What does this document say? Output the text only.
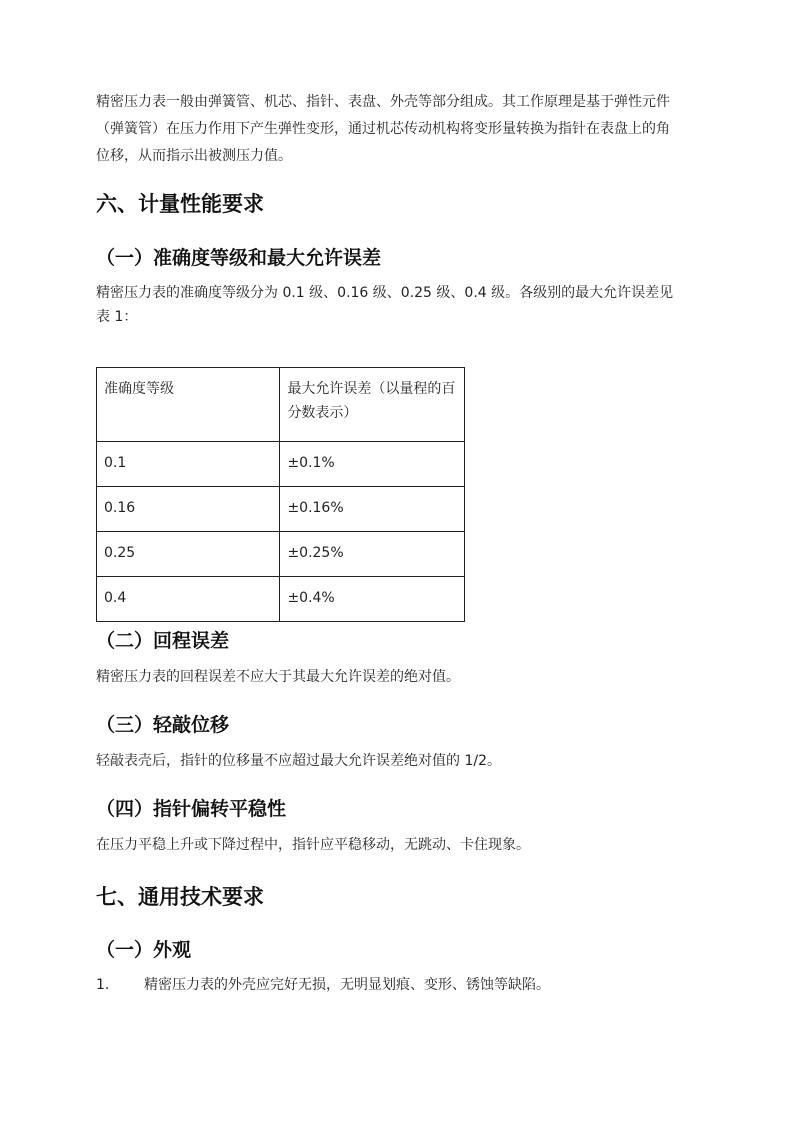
精密压力表一般由弹簧管、机芯、指针、表盘、外壳等部分组成。其工作原理是基于弹性元件

（弹簧管）在压力作用下产生弹性变形，通过机芯传动机构将变形量转换为指针在表盘上的角

位移，从而指示出被测压力值。

六、计量性能要求
（一）准确度等级和最大允许误差

精密压力表的准确度等级分为 0.1 级、0.16 级、0.25 级、0.4 级。各级别的最大允许误差见

表 1：

准确度等级	最大允许误差（以量程的百分数表示）
0.1	±0.1%
0.16	±0.16%
0.25	±0.25%
0.4	±0.4%
（二）回程误差

精密压力表的回程误差不应大于其最大允许误差的绝对值。

（三）轻敲位移

轻敲表壳后，指针的位移量不应超过最大允许误差绝对值的 1/2。

（四）指针偏转平稳性

在压力平稳上升或下降过程中，指针应平稳移动，无跳动、卡住现象。

七、通用技术要求
（一）外观
1. 精密压力表的外壳应完好无损，无明显划痕、变形、锈蚀等缺陷。
